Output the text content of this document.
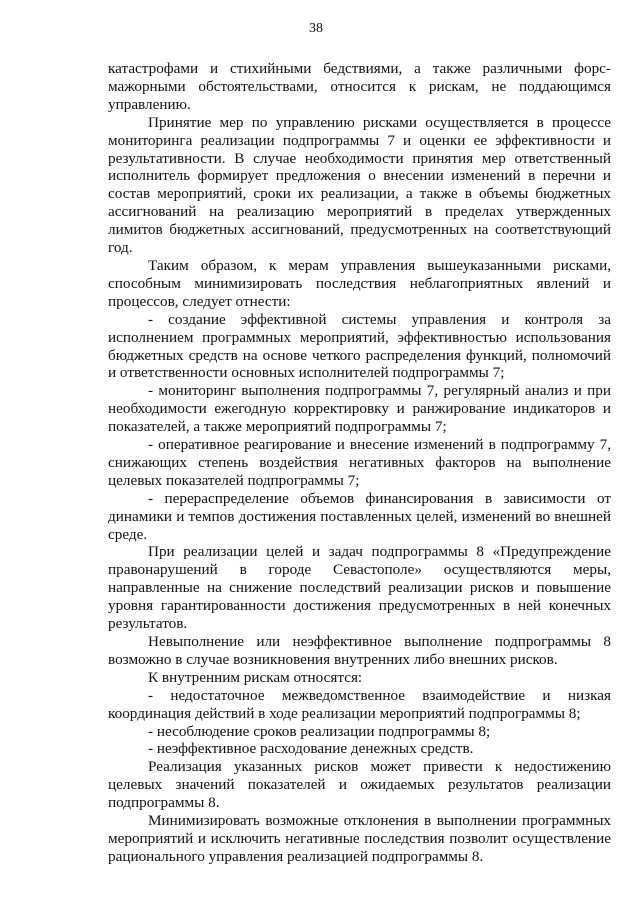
38

катастрофами и стихийными бедствиями, а также различными форс-мажорными обстоятельствами, относится к рискам, не поддающимся управлению.

Принятие мер по управлению рисками осуществляется в процессе мониторинга реализации подпрограммы 7 и оценки ее эффективности и результативности. В случае необходимости принятия мер ответственный исполнитель формирует предложения о внесении изменений в перечни и состав мероприятий, сроки их реализации, а также в объемы бюджетных ассигнований на реализацию мероприятий в пределах утвержденных лимитов бюджетных ассигнований, предусмотренных на соответствующий год.

Таким образом, к мерам управления вышеуказанными рисками, способным минимизировать последствия неблагоприятных явлений и процессов, следует отнести:

- создание эффективной системы управления и контроля за исполнением программных мероприятий, эффективностью использования бюджетных средств на основе четкого распределения функций, полномочий и ответственности основных исполнителей подпрограммы 7;

- мониторинг выполнения подпрограммы 7, регулярный анализ и при необходимости ежегодную корректировку и ранжирование индикаторов и показателей, а также мероприятий подпрограммы 7;

- оперативное реагирование и внесение изменений в подпрограмму 7, снижающих степень воздействия негативных факторов на выполнение целевых показателей подпрограммы 7;

- перераспределение объемов финансирования в зависимости от динамики и темпов достижения поставленных целей, изменений во внешней среде.

При реализации целей и задач подпрограммы 8 «Предупреждение правонарушений в городе Севастополе» осуществляются меры, направленные на снижение последствий реализации рисков и повышение уровня гарантированности достижения предусмотренных в ней конечных результатов.

Невыполнение или неэффективное выполнение подпрограммы 8 возможно в случае возникновения внутренних либо внешних рисков.

К внутренним рискам относятся:

- недостаточное межведомственное взаимодействие и низкая координация действий в ходе реализации мероприятий подпрограммы 8;

- несоблюдение сроков реализации подпрограммы 8;

- неэффективное расходование денежных средств.

Реализация указанных рисков может привести к недостижению целевых значений показателей и ожидаемых результатов реализации подпрограммы 8.

Минимизировать возможные отклонения в выполнении программных мероприятий и исключить негативные последствия позволит осуществление рационального управления реализацией подпрограммы 8.
